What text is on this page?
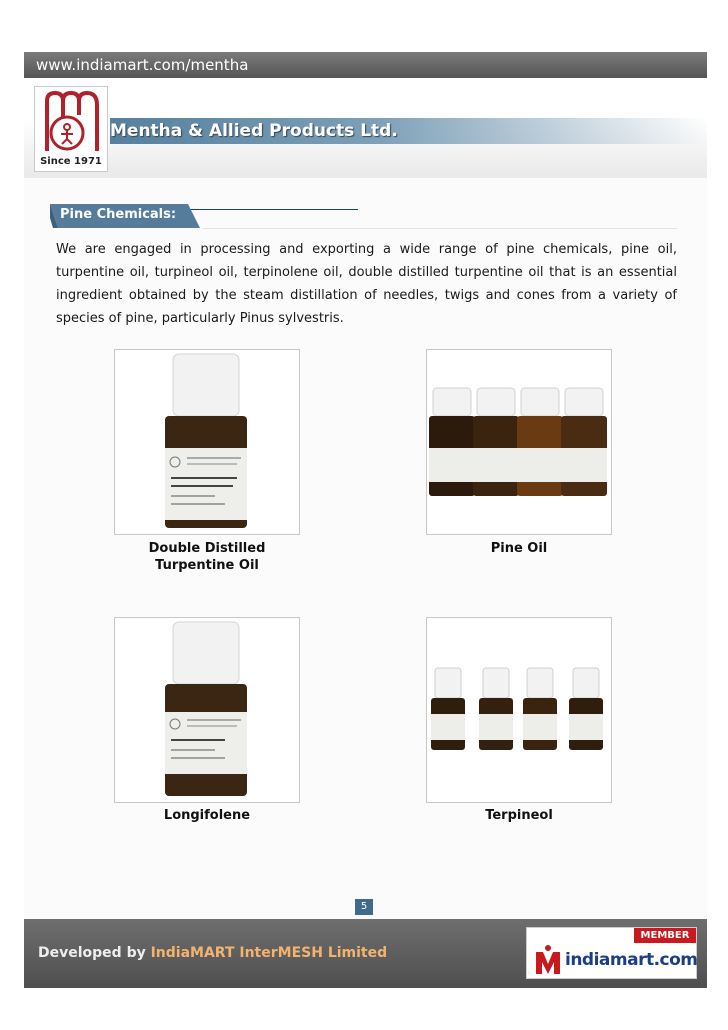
www.indiamart.com/mentha
Since 1971
Mentha & Allied Products Ltd.
Pine Chemicals:

We are engaged in processing and exporting a wide range of pine chemicals, pine oil, turpentine oil, turpineol oil, terpinolene oil, double distilled turpentine oil that is an essential ingredient obtained by the steam distillation of needles, twigs and cones from a variety of species of pine, particularly Pinus sylvestris.

Double Distilled Turpentine Oil
Pine Oil
Longifolene	Terpineol
5
Developed by IndiaMART InterMESH Limited
MEMBER
indiamart.com
